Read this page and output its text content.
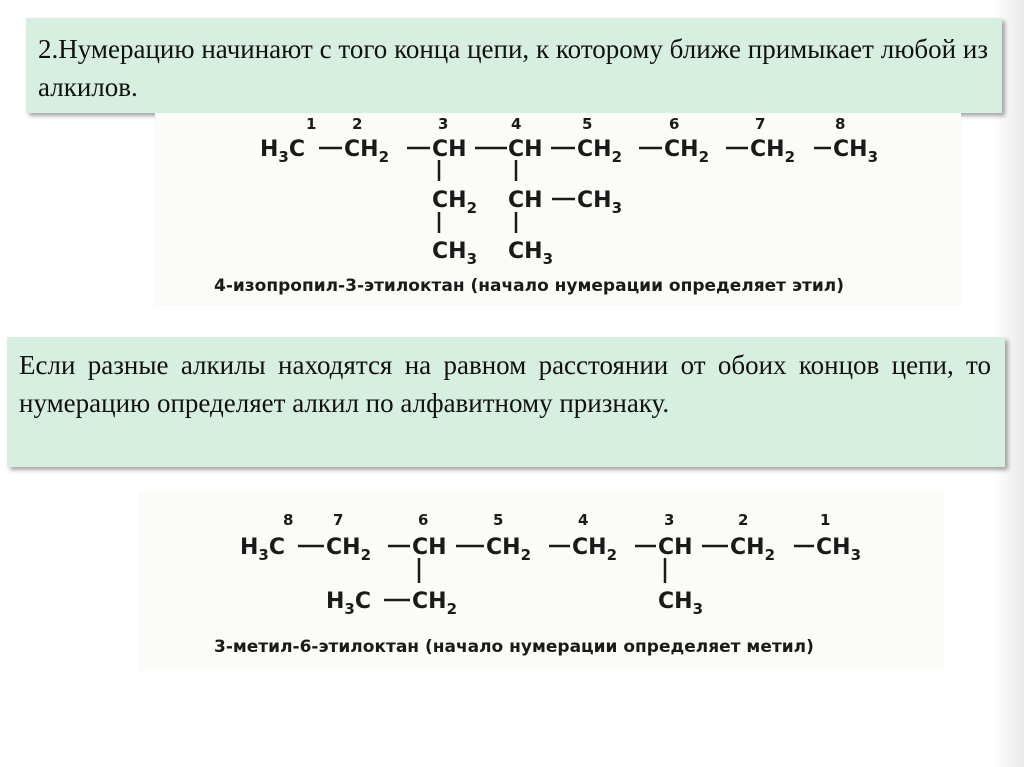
2.Нумерацию начинают с того конца цепи, к которому ближе примыкает любой из алкилов.
1 2	3	4	5	6	7	8
$H_3C$ $CH_2$ CH CH $CH_2$ $CH_2$ $CH_2$ $CH_3$
$CH_2$
$CH_3$
CH $CH_3$
$CH_3$
4-изопропил-3-этилоктан (начало нумерации определяет этил)
Если разные алкилы находятся на равном расстоянии от обоих концов цепи, то нумерацию определяет алкил по алфавитному признаку.
8	7	6	5	4	3	2	1
$H_3C$ $CH_2$ CH $CH_2$ $CH_2$ CH $CH_2$ $CH_3$
$H_3C$ $CH_2$	$CH_3$
3-метил-6-этилоктан (начало нумерации определяет метил)
